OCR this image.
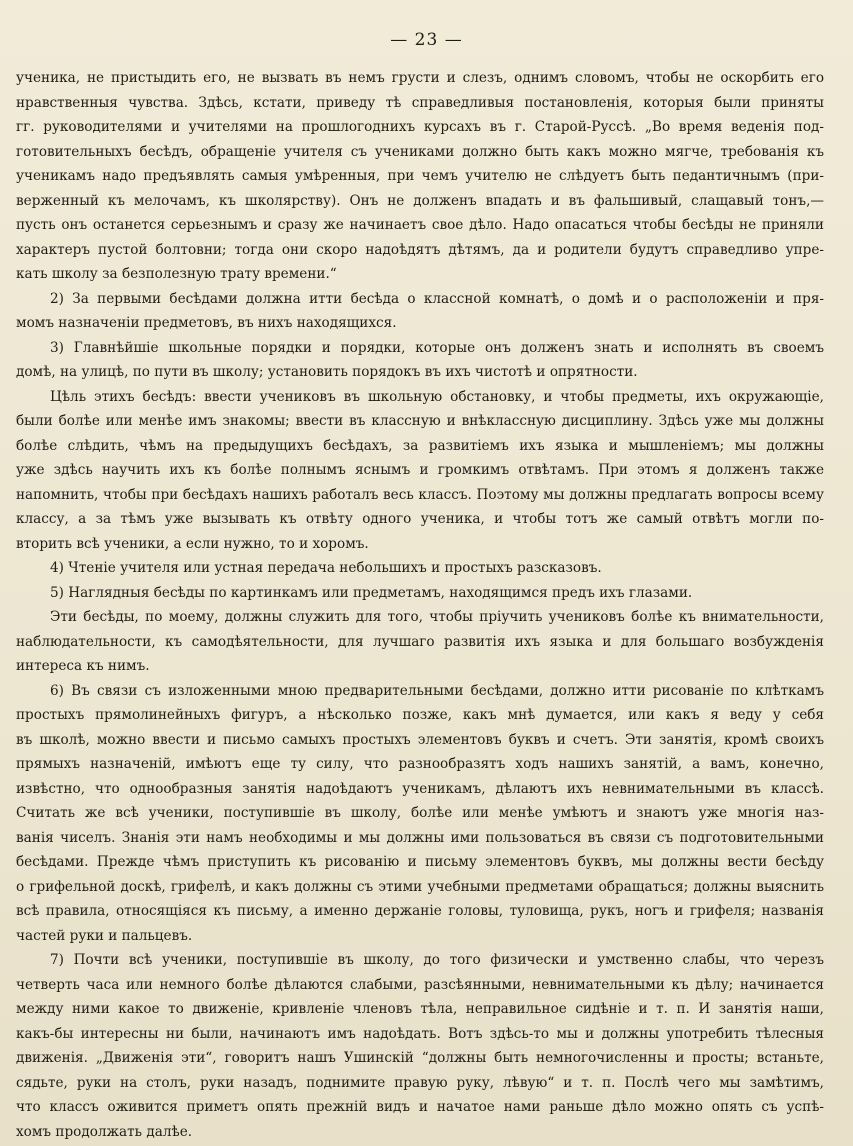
— 23 —
ученика, не пристыдить его, не вызвать въ немъ грусти и слезъ, однимъ словомъ, чтобы не оскорбить его
нравственныя чувства. Здѣсь, кстати, приведу тѣ справедливыя постановленія, которыя были приняты
гг. руководителями и учителями на прошлогоднихъ курсахъ въ г. Старой-Руссѣ. „Во время веденія под-
готовительныхъ бесѣдъ, обращеніе учителя съ учениками должно быть какъ можно мягче, требованія къ
ученикамъ надо предъявлять самыя умѣренныя, при чемъ учителю не слѣдуетъ быть педантичнымъ (при-
верженный къ мелочамъ, къ школярству). Онъ не долженъ впадать и въ фальшивый, слащавый тонъ,—
пусть онъ останется серьезнымъ и сразу же начинаетъ свое дѣло. Надо опасаться чтобы бесѣды не приняли
характеръ пустой болтовни; тогда они скоро надоѣдятъ дѣтямъ, да и родители будутъ справедливо упре-
кать школу за безполезную трату времени.“
2) За первыми бесѣдами должна итти бесѣда о классной комнатѣ, о домѣ и о расположеніи и пря-
момъ назначеніи предметовъ, въ нихъ находящихся.
3) Главнѣйшіе школьные порядки и порядки, которые онъ долженъ знать и исполнять въ своемъ
домѣ, на улицѣ, по пути въ школу; установить порядокъ въ ихъ чистотѣ и опрятности.
Цѣль этихъ бесѣдъ: ввести учениковъ въ школьную обстановку, и чтобы предметы, ихъ окружающіе,
были болѣе или менѣе имъ знакомы; ввести въ классную и внѣклассную дисциплину. Здѣсь уже мы должны
болѣе слѣдить, чѣмъ на предыдущихъ бесѣдахъ, за развитіемъ ихъ языка и мышленіемъ; мы должны
уже здѣсь научить ихъ къ болѣе полнымъ яснымъ и громкимъ отвѣтамъ. При этомъ я долженъ также
напомнить, чтобы при бесѣдахъ нашихъ работалъ весь классъ. Поэтому мы должны предлагать вопросы всему
классу, а за тѣмъ уже вызывать къ отвѣту одного ученика, и чтобы тотъ же самый отвѣтъ могли по-
вторить всѣ ученики, а если нужно, то и хоромъ.
4) Чтеніе учителя или устная передача небольшихъ и простыхъ разсказовъ.
5) Наглядныя бесѣды по картинкамъ или предметамъ, находящимся предъ ихъ глазами.
Эти бесѣды, по моему, должны служить для того, чтобы пріучить учениковъ болѣе къ внимательности,
наблюдательности, къ самодѣятельности, для лучшаго развитія ихъ языка и для большаго возбужденія
интереса къ нимъ.
6) Въ связи съ изложенными мною предварительными бесѣдами, должно итти рисованіе по клѣткамъ
простыхъ прямолинейныхъ фигуръ, а нѣсколько позже, какъ мнѣ думается, или какъ я веду у себя
въ школѣ, можно ввести и письмо самыхъ простыхъ элементовъ буквъ и счетъ. Эти занятія, кромѣ своихъ
прямыхъ назначеній, имѣютъ еще ту силу, что разнообразятъ ходъ нашихъ занятій, а вамъ, конечно,
извѣстно, что однообразныя занятія надоѣдаютъ ученикамъ, дѣлаютъ ихъ невнимательными въ классѣ.
Считать же всѣ ученики, поступившіе въ школу, болѣе или менѣе умѣютъ и знаютъ уже многія наз-
ванія чиселъ. Знанія эти намъ необходимы и мы должны ими пользоваться въ связи съ подготовительными
бесѣдами. Прежде чѣмъ приступить къ рисованію и письму элементовъ буквъ, мы должны вести бесѣду
о грифельной доскѣ, грифелѣ, и какъ должны съ этими учебными предметами обращаться; должны выяснить
всѣ правила, относящіяся къ письму, а именно держаніе головы, туловища, рукъ, ногъ и грифеля; названія
частей руки и пальцевъ.
7) Почти всѣ ученики, поступившіе въ школу, до того физически и умственно слабы, что черезъ
четверть часа или немного болѣе дѣлаются слабыми, разсѣянными, невнимательными къ дѣлу; начинается
между ними какое то движеніе, кривленіе членовъ тѣла, неправильное сидѣніе и т. п. И занятія наши,
какъ-бы интересны ни были, начинаютъ имъ надоѣдать. Вотъ здѣсь-то мы и должны употребить тѣлесныя
движенія. „Движенія эти“, говоритъ нашъ Ушинскій “должны быть немногочисленны и просты; встаньте,
сядьте, руки на столъ, руки назадъ, поднимите правую руку, лѣвую“ и т. п. Послѣ чего мы замѣтимъ,
что классъ оживится приметъ опять прежній видъ и начатое нами раньше дѣло можно опять съ успѣ-
хомъ продолжать далѣе.
